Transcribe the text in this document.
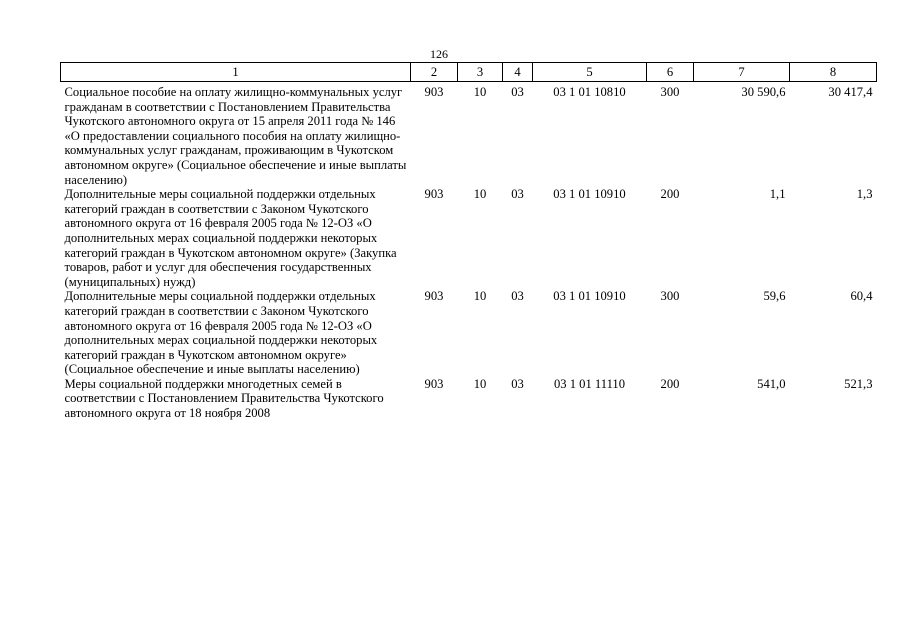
126
1	2	3	4	5	6	7	8
Социальное пособие на оплату жилищно-коммунальных услуг гражданам в соответствии с Постановлением Правительства Чукотского автономного округа от 15 апреля 2011 года № 146 «О предоставлении социального пособия на оплату жилищно-коммунальных услуг гражданам, проживающим в Чукотском автономном округе» (Социальное обеспечение и иные выплаты населению)	903	10	03	03 1 01 10810	300	30 590,6	30 417,4
Дополнительные меры социальной поддержки отдельных категорий граждан в соответствии с Законом Чукотского автономного округа от 16 февраля 2005 года № 12-ОЗ «О дополнительных мерах социальной поддержки некоторых категорий граждан в Чукотском автономном округе» (Закупка товаров, работ и услуг для обеспечения государственных (муниципальных) нужд)	903	10	03	03 1 01 10910	200	1,1	1,3
Дополнительные меры социальной поддержки отдельных категорий граждан в соответствии с Законом Чукотского автономного округа от 16 февраля 2005 года № 12-ОЗ «О дополнительных мерах социальной поддержки некоторых категорий граждан в Чукотском автономном округе» (Социальное обеспечение и иные выплаты населению)	903	10	03	03 1 01 10910	300	59,6	60,4
Меры социальной поддержки многодетных семей в соответствии с Постановлением Правительства Чукотского автономного округа от 18 ноября 2008	903	10	03	03 1 01 11110	200	541,0	521,3
